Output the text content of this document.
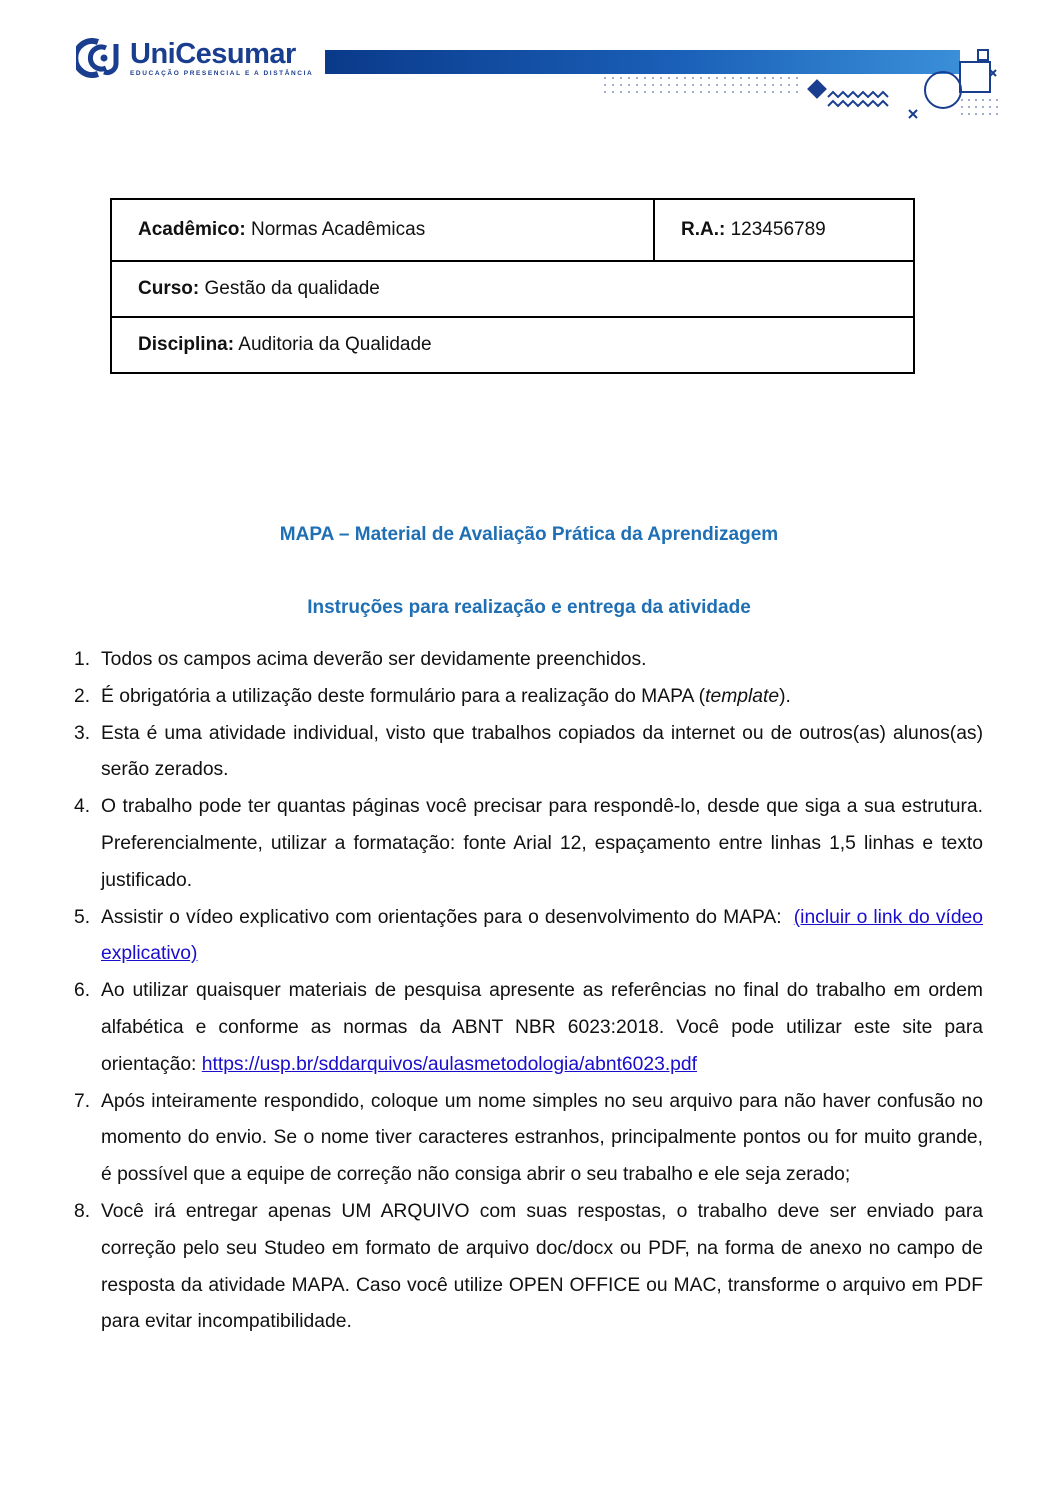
UniCesumar
EDUCAÇÃO PRESENCIAL E A DISTÂNCIA
Acadêmico: Normas Acadêmicas	R.A.: 123456789
Curso: Gestão da qualidade
Disciplina: Auditoria da Qualidade
MAPA – Material de Avaliação Prática da Aprendizagem
Instruções para realização e entrega da atividade
1. Todos os campos acima deverão ser devidamente preenchidos.
2. É obrigatória a utilização deste formulário para a realização do MAPA (template).
3. Esta é uma atividade individual, visto que trabalhos copiados da internet ou de outros(as) alunos(as) serão zerados.
4. O trabalho pode ter quantas páginas você precisar para respondê-lo, desde que siga a sua estrutura. Preferencialmente, utilizar a formatação: fonte Arial 12, espaçamento entre linhas 1,5 linhas e texto justificado.
5. Assistir o vídeo explicativo com orientações para o desenvolvimento do MAPA:  (incluir o link do vídeo explicativo)
6. Ao utilizar quaisquer materiais de pesquisa apresente as referências no final do trabalho em ordem alfabética e conforme as normas da ABNT NBR 6023:2018. Você pode utilizar este site para orientação: https://usp.br/sddarquivos/aulasmetodologia/abnt6023.pdf
7. Após inteiramente respondido, coloque um nome simples no seu arquivo para não haver confusão no momento do envio. Se o nome tiver caracteres estranhos, principalmente pontos ou for muito grande, é possível que a equipe de correção não consiga abrir o seu trabalho e ele seja zerado;
8. Você irá entregar apenas UM ARQUIVO com suas respostas, o trabalho deve ser enviado para correção pelo seu Studeo em formato de arquivo doc/docx ou PDF, na forma de anexo no campo de resposta da atividade MAPA. Caso você utilize OPEN OFFICE ou MAC, transforme o arquivo em PDF para evitar incompatibilidade.
